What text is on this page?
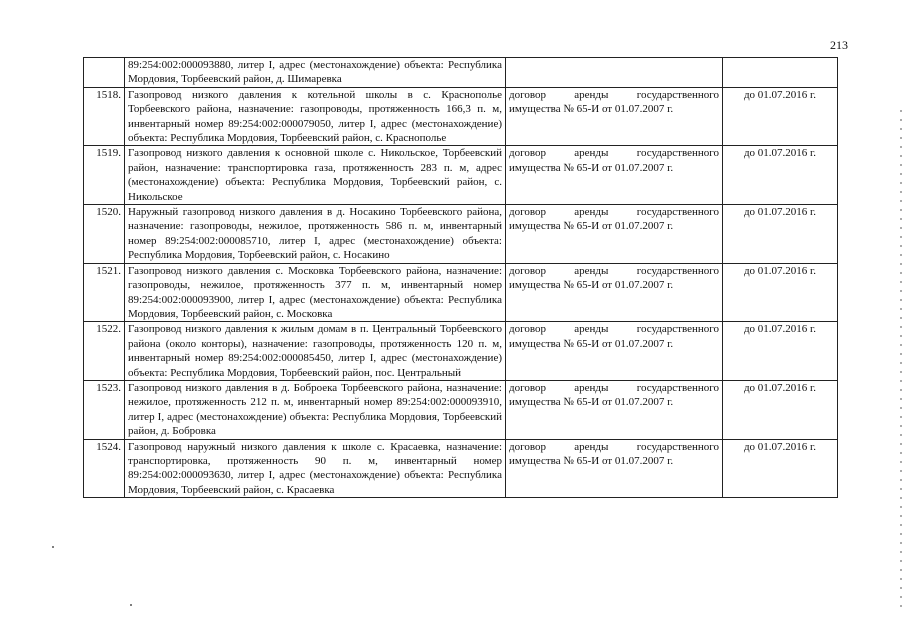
213
	89:254:002:000093880, литер I, адрес (местонахождение) объекта: Республика Мордовия, Торбеевский район, д. Шимаревка		
1518.	Газопровод низкого давления к котельной школы в с. Краснополье Торбеевского района, назначение: газопроводы, протяженность 166,3 п. м, инвентарный номер 89:254:002:000079050, литер I, адрес (местонахождение) объекта: Республика Мордовия, Торбеевский район, с. Краснополье	договор аренды государственного имущества № 65-И от 01.07.2007 г.	до 01.07.2016 г.
1519.	Газопровод низкого давления к основной школе с. Никольское, Торбеевский район, назначение: транспортировка газа, протяженность 283 п. м, адрес (местонахождение) объекта: Республика Мордовия, Торбеевский район, с. Никольское	договор аренды государственного имущества № 65-И от 01.07.2007 г.	до 01.07.2016 г.
1520.	Наружный газопровод низкого давления в д. Носакино Торбеевского района, назначение: газопроводы, нежилое, протяженность 586 п. м, инвентарный номер 89:254:002:000085710, литер I, адрес (местонахождение) объекта: Республика Мордовия, Торбеевский район, с. Носакино	договор аренды государственного имущества № 65-И от 01.07.2007 г.	до 01.07.2016 г.
1521.	Газопровод низкого давления с. Московка Торбеевского района, назначение: газопроводы, нежилое, протяженность 377 п. м, инвентарный номер 89:254:002:000093900, литер I, адрес (местонахождение) объекта: Республика Мордовия, Торбеевский район, с. Московка	договор аренды государственного имущества № 65-И от 01.07.2007 г.	до 01.07.2016 г.
1522.	Газопровод низкого давления к жилым домам в п. Центральный Торбеевского района (около конторы), назначение: газопроводы, протяженность 120 п. м, инвентарный номер 89:254:002:000085450, литер I, адрес (местонахождение) объекта: Республика Мордовия, Торбеевский район, пос. Центральный	договор аренды государственного имущества № 65-И от 01.07.2007 г.	до 01.07.2016 г.
1523.	Газопровод низкого давления в д. Боброека Торбеевского района, назначение: нежилое, протяженность 212 п. м, инвентарный номер 89:254:002:000093910, литер I, адрес (местонахождение) объекта: Республика Мордовия, Торбеевский район, д. Бобровка	договор аренды государственного имущества № 65-И от 01.07.2007 г.	до 01.07.2016 г.
1524.	Газопровод наружный низкого давления к школе с. Красаевка, назначение: транспортировка, протяженность 90 п. м, инвентарный номер 89:254:002:000093630, литер I, адрес (местонахождение) объекта: Республика Мордовия, Торбеевский район, с. Красаевка	договор аренды государственного имущества № 65-И от 01.07.2007 г.	до 01.07.2016 г.
